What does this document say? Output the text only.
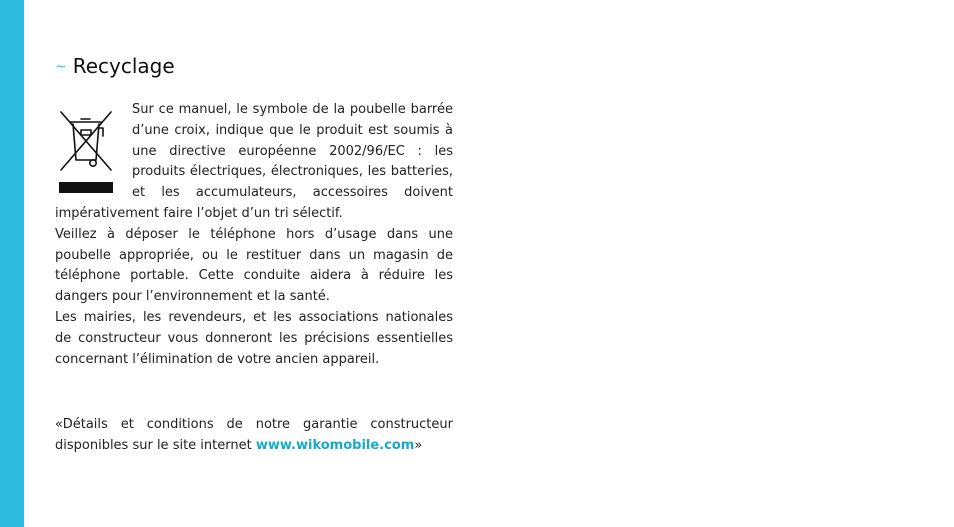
~ Recyclage
Sur ce manuel, le symbole de la poubelle barrée d’une croix, indique que le produit est soumis à une directive européenne 2002/96/EC : les produits électriques, électroniques, les batteries, et les accumulateurs, accessoires doivent impérativement faire l’objet d’un tri sélectif.

Veillez à déposer le téléphone hors d’usage dans une poubelle appropriée, ou le restituer dans un magasin de téléphone portable. Cette conduite aidera à réduire les dangers pour l’environnement et la santé.

Les mairies, les revendeurs, et les associations nationales de constructeur vous donneront les précisions essentielles concernant l’élimination de votre ancien appareil.

«Détails et conditions de notre garantie constructeur disponibles sur le site internet www.wikomobile.com»
